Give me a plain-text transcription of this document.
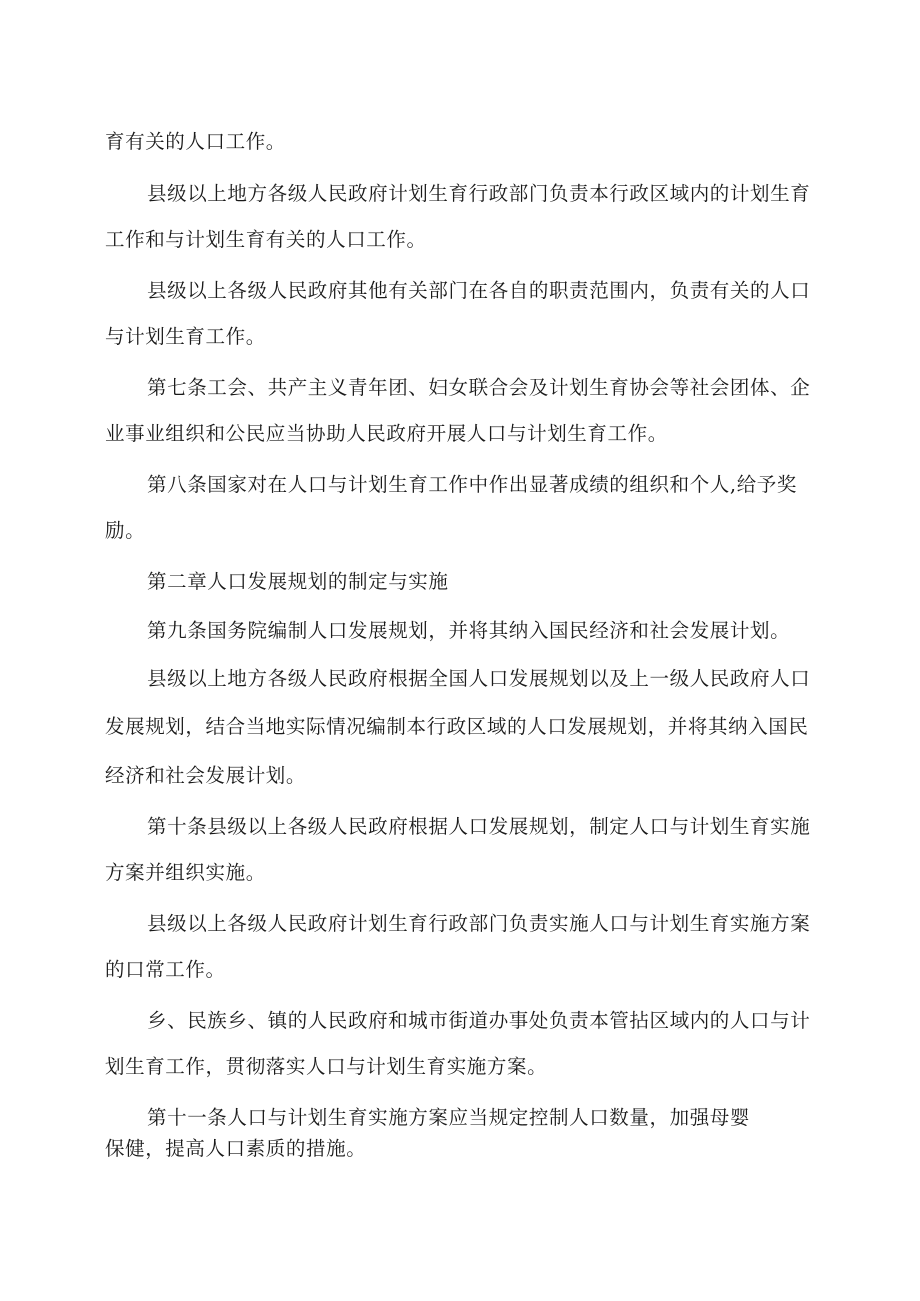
育有关的人口工作。

县级以上地方各级人民政府计划生育行政部门负责本行政区域内的计划生育

工作和与计划生育有关的人口工作。

县级以上各级人民政府其他有关部门在各自的职责范围内，负责有关的人口

与计划生育工作。

第七条工会、共产主义青年团、妇女联合会及计划生育协会等社会团体、企

业事业组织和公民应当协助人民政府开展人口与计划生育工作。

第八条国家对在人口与计划生育工作中作出显著成绩的组织和个人,给予奖

励。

第二章人口发展规划的制定与实施

第九条国务院编制人口发展规划，并将其纳入国民经济和社会发展计划。

县级以上地方各级人民政府根据全国人口发展规划以及上一级人民政府人口

发展规划，结合当地实际情况编制本行政区域的人口发展规划，并将其纳入国民

经济和社会发展计划。

第十条县级以上各级人民政府根据人口发展规划，制定人口与计划生育实施

方案并组织实施。

县级以上各级人民政府计划生育行政部门负责实施人口与计划生育实施方案

的口常工作。

乡、民族乡、镇的人民政府和城市街道办事处负责本管拈区域内的人口与计

划生育工作，贯彻落实人口与计划生育实施方案。

第十一条人口与计划生育实施方案应当规定控制人口数量，加强母婴

保健，提高人口素质的措施。
